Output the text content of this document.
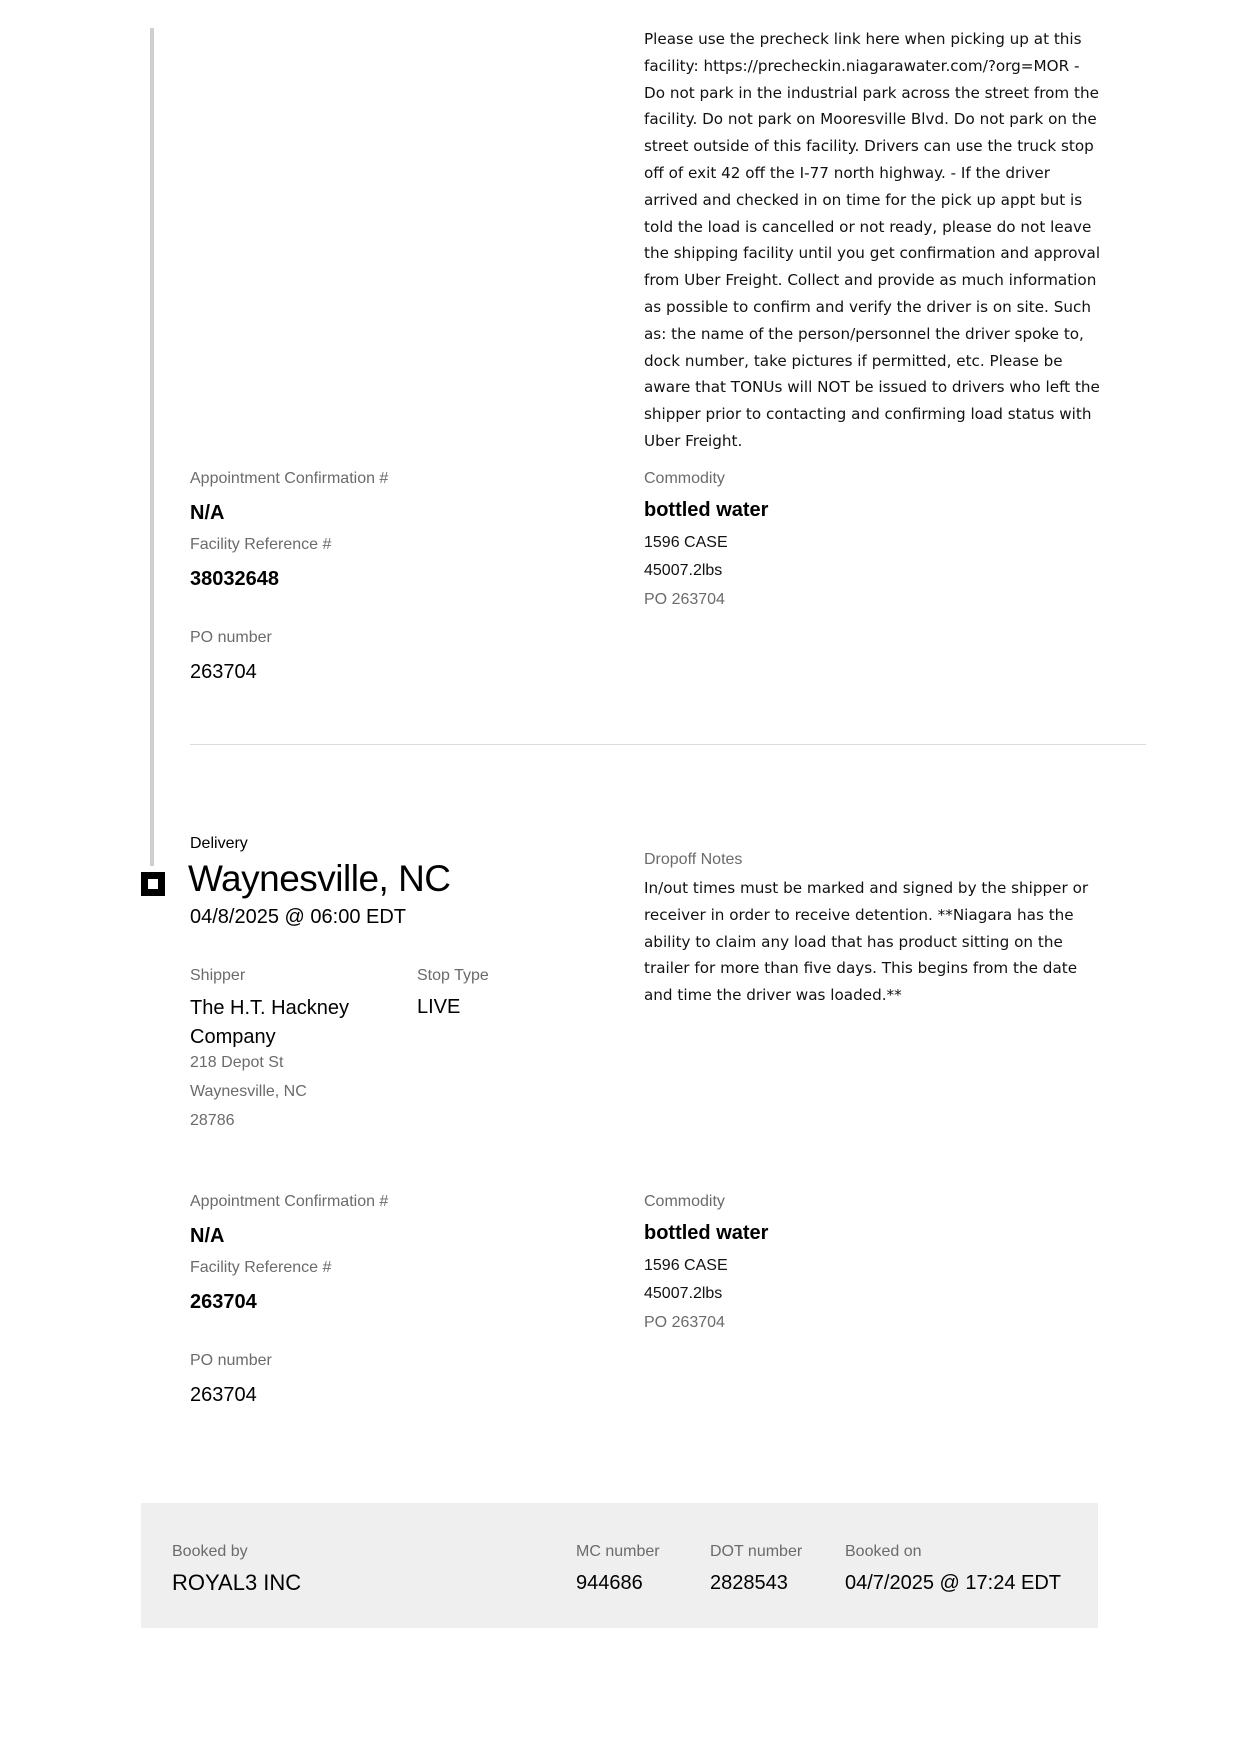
Please use the precheck link here when picking up at this facility: https://precheckin.niagarawater.com/?org=MOR - Do not park in the industrial park across the street from the facility. Do not park on Mooresville Blvd. Do not park on the street outside of this facility. Drivers can use the truck stop off of exit 42 off the I-77 north highway. - If the driver arrived and checked in on time for the pick up appt but is told the load is cancelled or not ready, please do not leave the shipping facility until you get confirmation and approval from Uber Freight. Collect and provide as much information as possible to confirm and verify the driver is on site. Such as: the name of the person/personnel the driver spoke to, dock number, take pictures if permitted, etc. Please be aware that TONUs will NOT be issued to drivers who left the shipper prior to contacting and confirming load status with Uber Freight.
Appointment Confirmation #
N/A
Facility Reference #
38032648
PO number
263704
Commodity
bottled water
1596 CASE
45007.2lbs
PO 263704
Delivery
Waynesville, NC
04/8/2025 @ 06:00 EDT
Shipper
The H.T. Hackney Company
218 Depot St
Waynesville, NC
28786
Stop Type
LIVE
Dropoff Notes
In/out times must be marked and signed by the shipper or receiver in order to receive detention. **Niagara has the ability to claim any load that has product sitting on the trailer for more than five days. This begins from the date and time the driver was loaded.**
Appointment Confirmation #
N/A
Facility Reference #
263704
PO number
263704
Commodity
bottled water
1596 CASE
45007.2lbs
PO 263704
Booked by
ROYAL3 INC
MC number
944686
DOT number
2828543
Booked on
04/7/2025 @ 17:24 EDT
